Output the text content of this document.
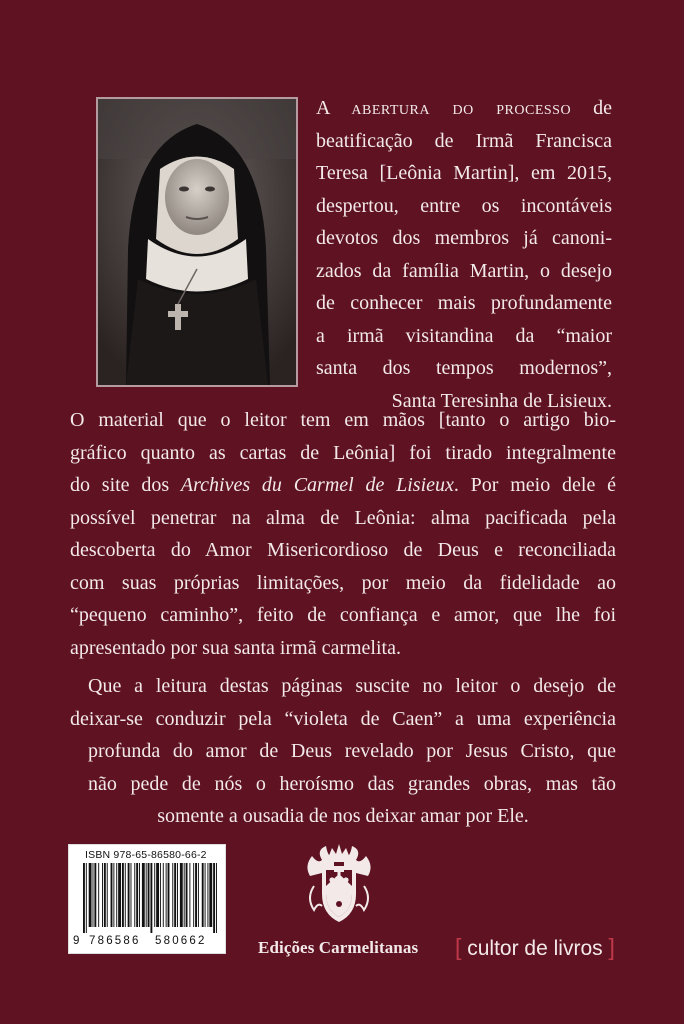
A abertura do processo de
beatificação de Irmã Francisca
Teresa [Leônia Martin], em 2015,
despertou, entre os incontáveis
devotos dos membros já canoni-
zados da família Martin, o desejo
de conhecer mais profundamente
a irmã visitandina da “maior
santa dos tempos modernos”,
Santa Teresinha de Lisieux.
O material que o leitor tem em mãos [tanto o artigo bio-
gráfico quanto as cartas de Leônia] foi tirado integralmente
do site dos Archives du Carmel de Lisieux. Por meio dele é
possível penetrar na alma de Leônia: alma pacificada pela
descoberta do Amor Misericordioso de Deus e reconciliada
com suas próprias limitações, por meio da fidelidade ao
“pequeno caminho”, feito de confiança e amor, que lhe foi
apresentado por sua santa irmã carmelita.
Que a leitura destas páginas suscite no leitor o desejo de
deixar-se conduzir pela “violeta de Caen” a uma experiência
profunda do amor de Deus revelado por Jesus Cristo, que
não pede de nós o heroísmo das grandes obras, mas tão
somente a ousadia de nos deixar amar por Ele.
ISBN 978-65-86580-66-2
9 786586 580662	Edições Carmelitanas [ cultor de livros ]
